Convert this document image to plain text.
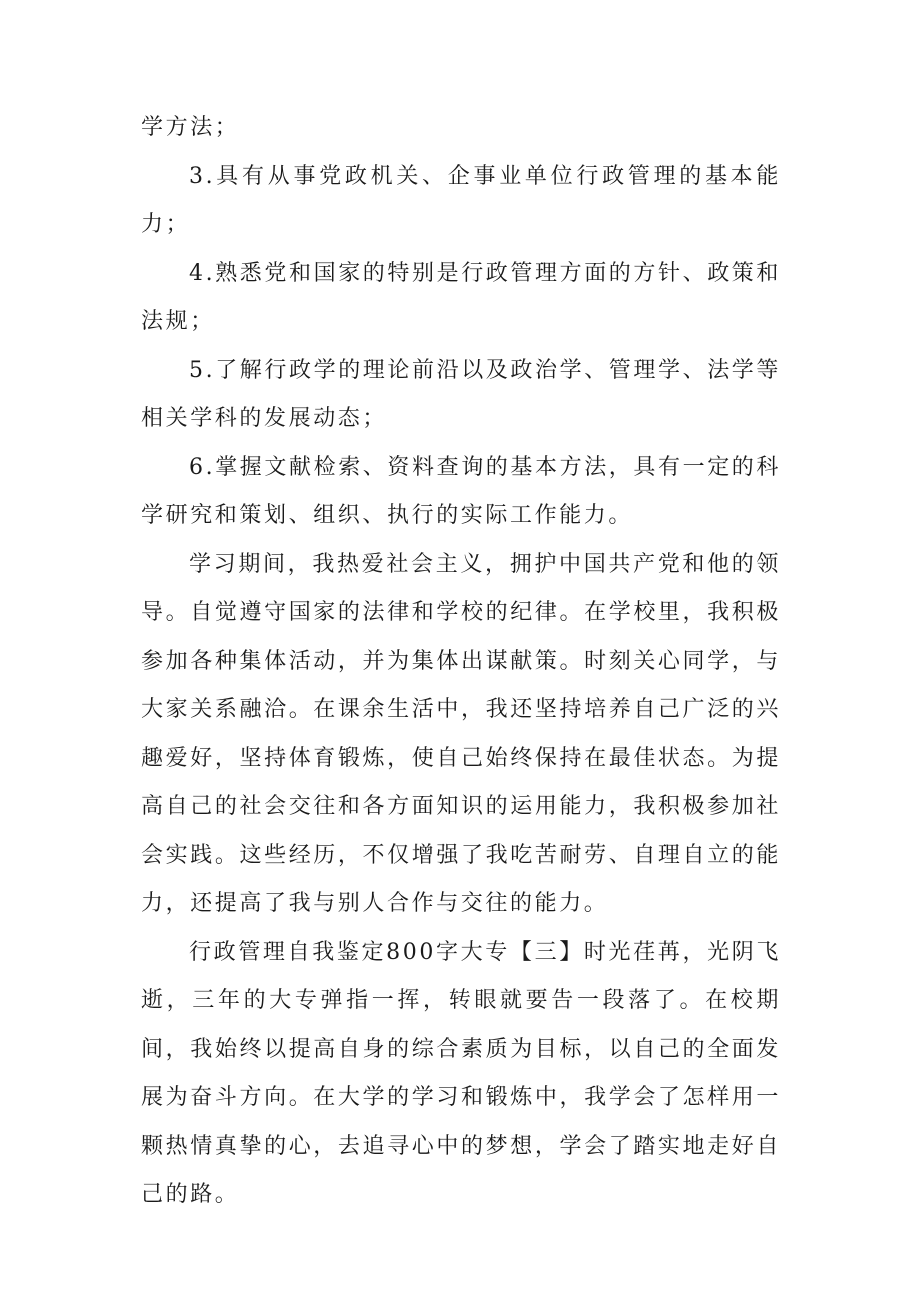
学方法；

3.具有从事党政机关、企事业单位行政管理的基本能力；

4.熟悉党和国家的特别是行政管理方面的方针、政策和法规；

5.了解行政学的理论前沿以及政治学、管理学、法学等相关学科的发展动态；

6.掌握文献检索、资料查询的基本方法，具有一定的科学研究和策划、组织、执行的实际工作能力。

学习期间，我热爱社会主义，拥护中国共产党和他的领导。自觉遵守国家的法律和学校的纪律。在学校里，我积极参加各种集体活动，并为集体出谋献策。时刻关心同学，与大家关系融洽。在课余生活中，我还坚持培养自己广泛的兴趣爱好，坚持体育锻炼，使自己始终保持在最佳状态。为提高自己的社会交往和各方面知识的运用能力，我积极参加社会实践。这些经历，不仅增强了我吃苦耐劳、自理自立的能力，还提高了我与别人合作与交往的能力。

行政管理自我鉴定800字大专【三】时光荏苒，光阴飞逝，三年的大专弹指一挥，转眼就要告一段落了。在校期间，我始终以提高自身的综合素质为目标，以自己的全面发展为奋斗方向。在大学的学习和锻炼中，我学会了怎样用一颗热情真挚的心，去追寻心中的梦想，学会了踏实地走好自己的路。
